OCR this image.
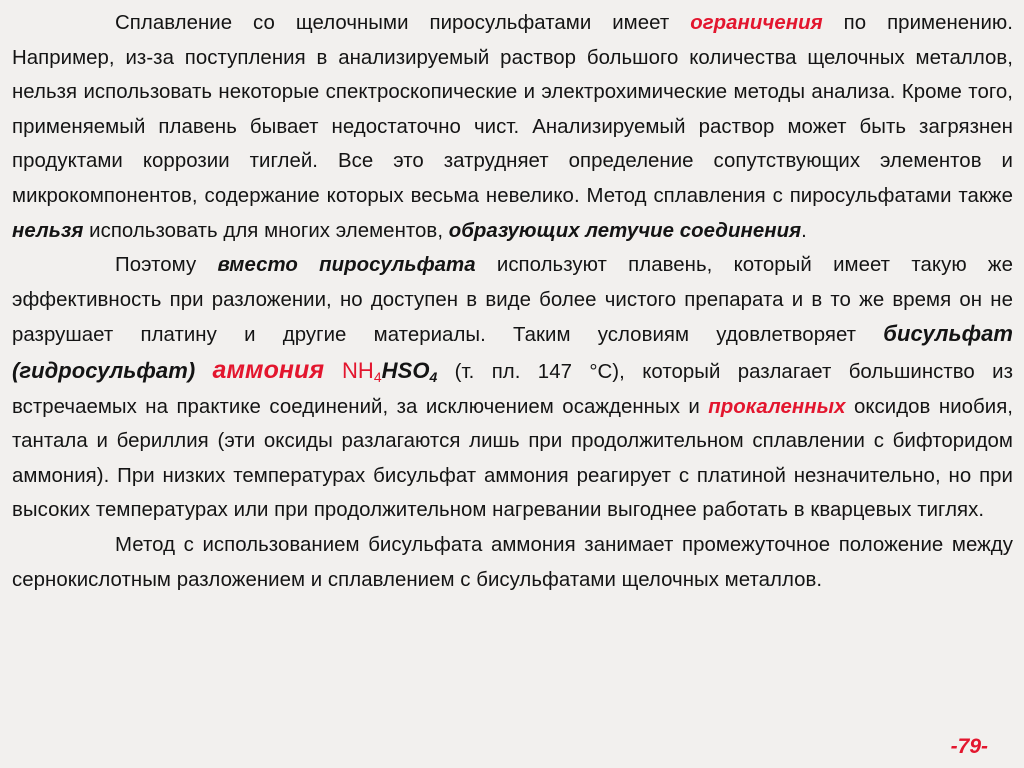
Сплавление со щелочными пиросульфатами имеет ограничения по применению. Например, из-за поступления в анализируемый раствор большого количества щелочных металлов, нельзя использовать некоторые спектроскопические и электрохимические методы анализа. Кроме того, применяемый плавень бывает недостаточно чист. Анализируемый раствор может быть загрязнен продуктами коррозии тиглей. Все это затрудняет определение сопутствующих элементов и микрокомпонентов, содержание которых весьма невелико. Метод сплавления с пиросульфатами также нельзя использовать для многих элементов, образующих летучие соединения.

Поэтому вместо пиросульфата используют плавень, который имеет такую же эффективность при разложении, но доступен в виде более чистого препарата и в то же время он не разрушает платину и другие материалы. Таким условиям удовлетворяет бисульфат (гидросульфат) аммония $NH_4HSO_4$ (т. пл. 147 °С), который разлагает большинство из встречаемых на практике соединений, за исключением осажденных и прокаленных оксидов ниобия, тантала и бериллия (эти оксиды разлагаются лишь при продолжительном сплавлении с бифторидом аммония). При низких температурах бисульфат аммония реагирует с платиной незначительно, но при высоких температурах или при продолжительном нагревании выгоднее работать в кварцевых тиглях.

Метод с использованием бисульфата аммония занимает промежуточное положение между сернокислотным разложением и сплавлением с бисульфатами щелочных металлов.

-79-
